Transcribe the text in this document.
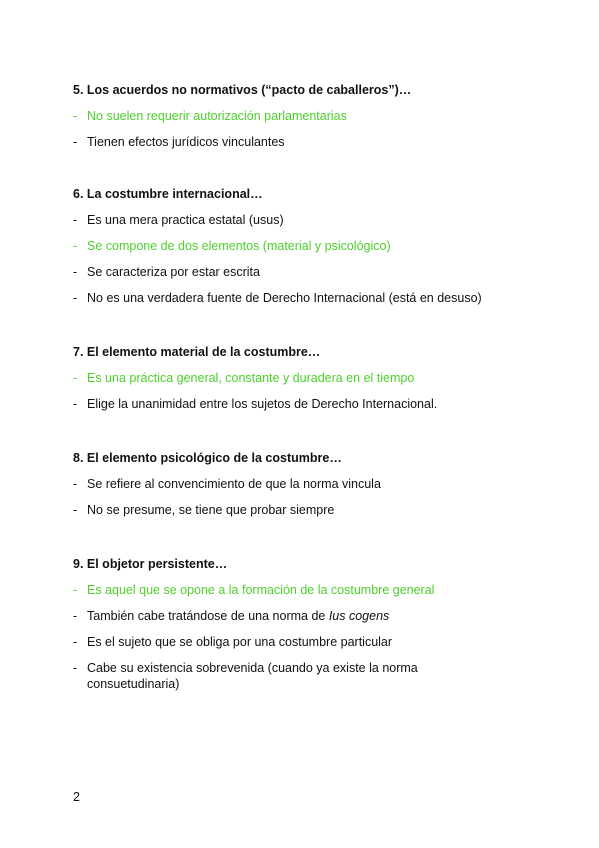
5. Los acuerdos no normativos (“pacto de caballeros”)…

- No suelen requerir autorización parlamentarias
- Tienen efectos jurídicos vinculantes

6. La costumbre internacional…

- Es una mera practica estatal (usus)
- Se compone de dos elementos (material y psicológico)
- Se caracteriza por estar escrita
- No es una verdadera fuente de Derecho Internacional (está en desuso)

7. El elemento material de la costumbre…

- Es una práctica general, constante y duradera en el tiempo
- Elige la unanimidad entre los sujetos de Derecho Internacional.

8. El elemento psicológico de la costumbre…

- Se refiere al convencimiento de que la norma vincula
- No se presume, se tiene que probar siempre

9. El objetor persistente…

- Es aquel que se opone a la formación de la costumbre general
- También cabe tratándose de una norma de Ius cogens
- Es el sujeto que se obliga por una costumbre particular
- Cabe su existencia sobrevenida (cuando ya existe la norma
consuetudinaria)
2
